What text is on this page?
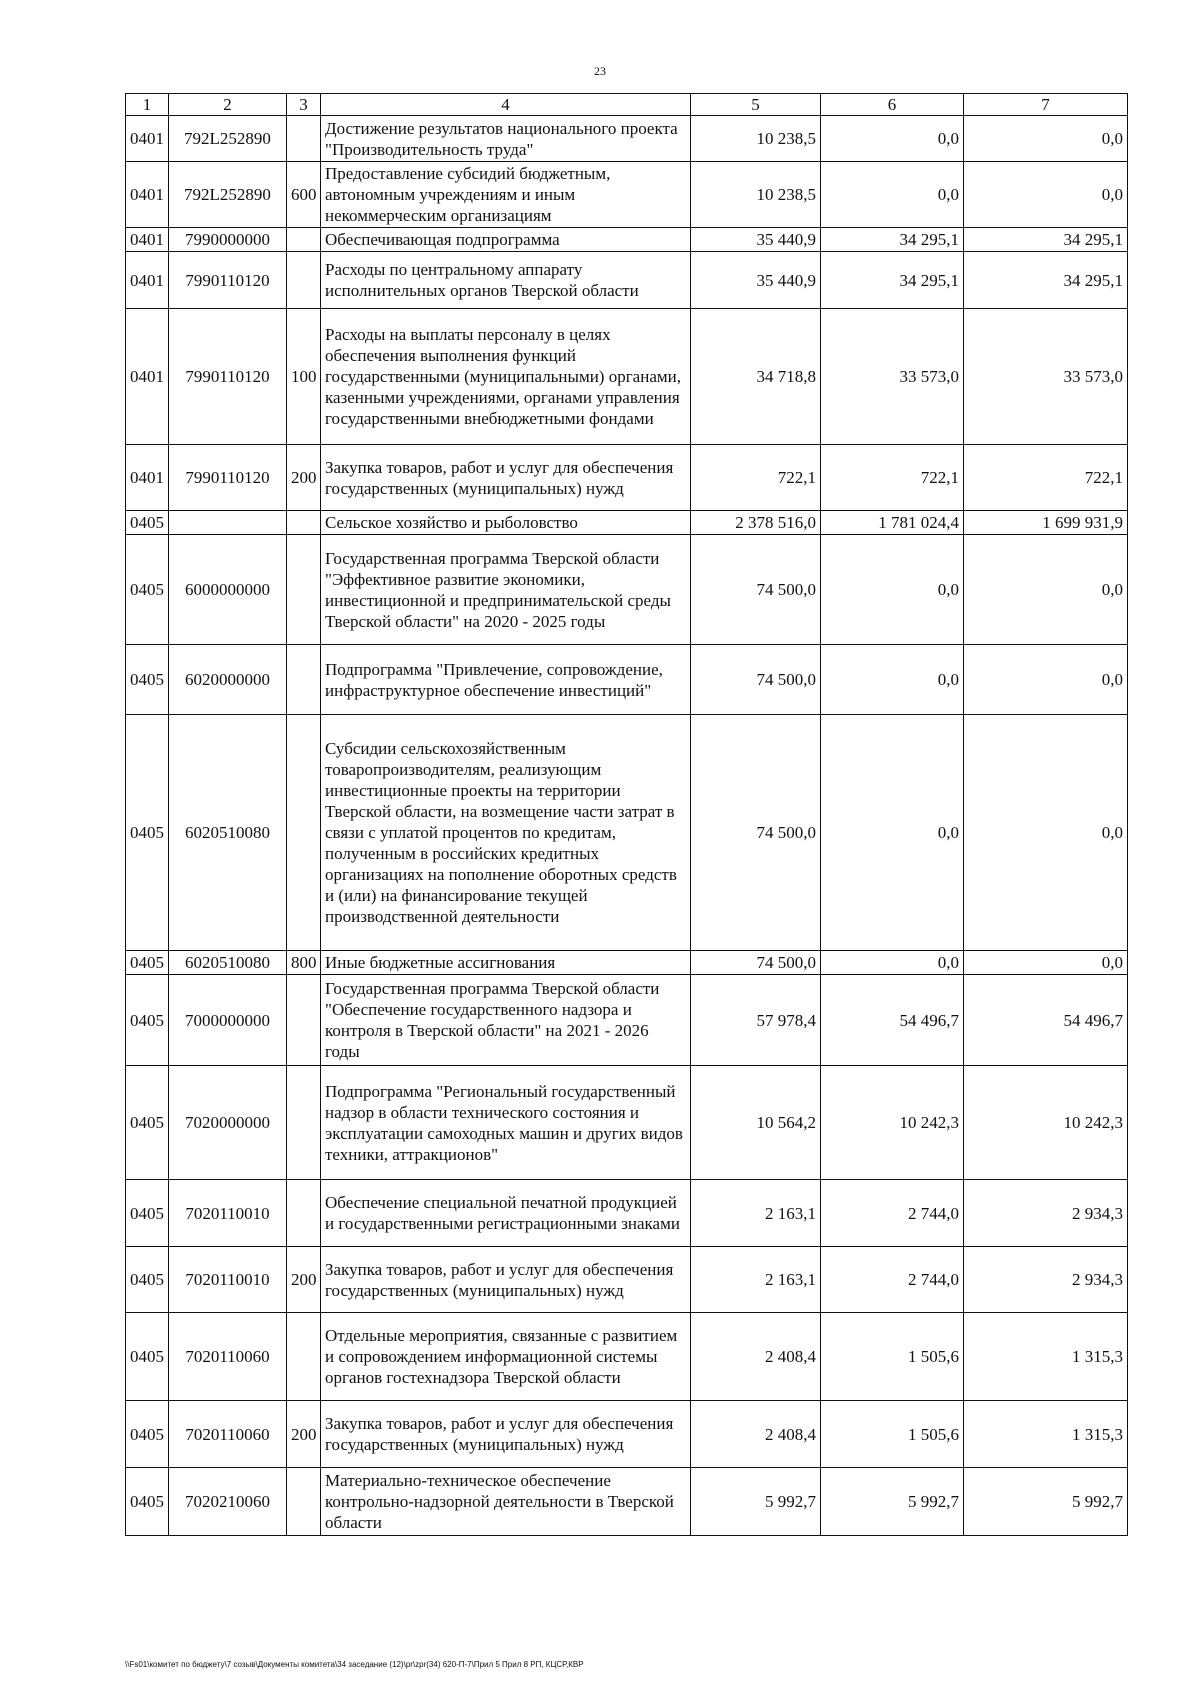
23
1	2	3	4	5	6	7
0401	792L252890		Достижение результатов национального проекта "Производительность труда"	10 238,5	0,0	0,0
0401	792L252890	600	Предоставление субсидий бюджетным, автономным учреждениям и иным некоммерческим организациям	10 238,5	0,0	0,0
0401	7990000000		Обеспечивающая подпрограмма	35 440,9	34 295,1	34 295,1
0401	7990110120		Расходы по центральному аппарату исполнительных органов Тверской области	35 440,9	34 295,1	34 295,1
0401	7990110120	100	Расходы на выплаты персоналу в целях обеспечения выполнения функций государственными (муниципальными) органами, казенными учреждениями, органами управления государственными внебюджетными фондами	34 718,8	33 573,0	33 573,0
0401	7990110120	200	Закупка товаров, работ и услуг для обеспечения государственных (муниципальных) нужд	722,1	722,1	722,1
0405			Сельское хозяйство и рыболовство	2 378 516,0	1 781 024,4	1 699 931,9
0405	6000000000		Государственная программа Тверской области "Эффективное развитие экономики, инвестиционной и предпринимательской среды Тверской области" на 2020 - 2025 годы	74 500,0	0,0	0,0
0405	6020000000		Подпрограмма "Привлечение, сопровождение, инфраструктурное обеспечение инвестиций"	74 500,0	0,0	0,0
0405	6020510080		Субсидии сельскохозяйственным товаропроизводителям, реализующим инвестиционные проекты на территории Тверской области, на возмещение части затрат в связи с уплатой процентов по кредитам, полученным в российских кредитных организациях на пополнение оборотных средств и (или) на финансирование текущей производственной деятельности	74 500,0	0,0	0,0
0405	6020510080	800	Иные бюджетные ассигнования	74 500,0	0,0	0,0
0405	7000000000		Государственная программа Тверской области "Обеспечение государственного надзора и контроля в Тверской области" на 2021 - 2026 годы	57 978,4	54 496,7	54 496,7
0405	7020000000		Подпрограмма "Региональный государственный надзор в области технического состояния и эксплуатации самоходных машин и других видов техники, аттракционов"	10 564,2	10 242,3	10 242,3
0405	7020110010		Обеспечение специальной печатной продукцией и государственными регистрационными знаками	2 163,1	2 744,0	2 934,3
0405	7020110010	200	Закупка товаров, работ и услуг для обеспечения государственных (муниципальных) нужд	2 163,1	2 744,0	2 934,3
0405	7020110060		Отдельные мероприятия, связанные с развитием и сопровождением информационной системы органов гостехнадзора Тверской области	2 408,4	1 505,6	1 315,3
0405	7020110060	200	Закупка товаров, работ и услуг для обеспечения государственных (муниципальных) нужд	2 408,4	1 505,6	1 315,3
0405	7020210060		Материально-техническое обеспечение контрольно-надзорной деятельности в Тверской области	5 992,7	5 992,7	5 992,7
\\Fs01\комитет по бюджету\7 созыв\Документы комитета\34 заседание (12)\pr\zpr(34) 620-П-7\Прил 5 Прил 8 РП, КЦСР,КВР
